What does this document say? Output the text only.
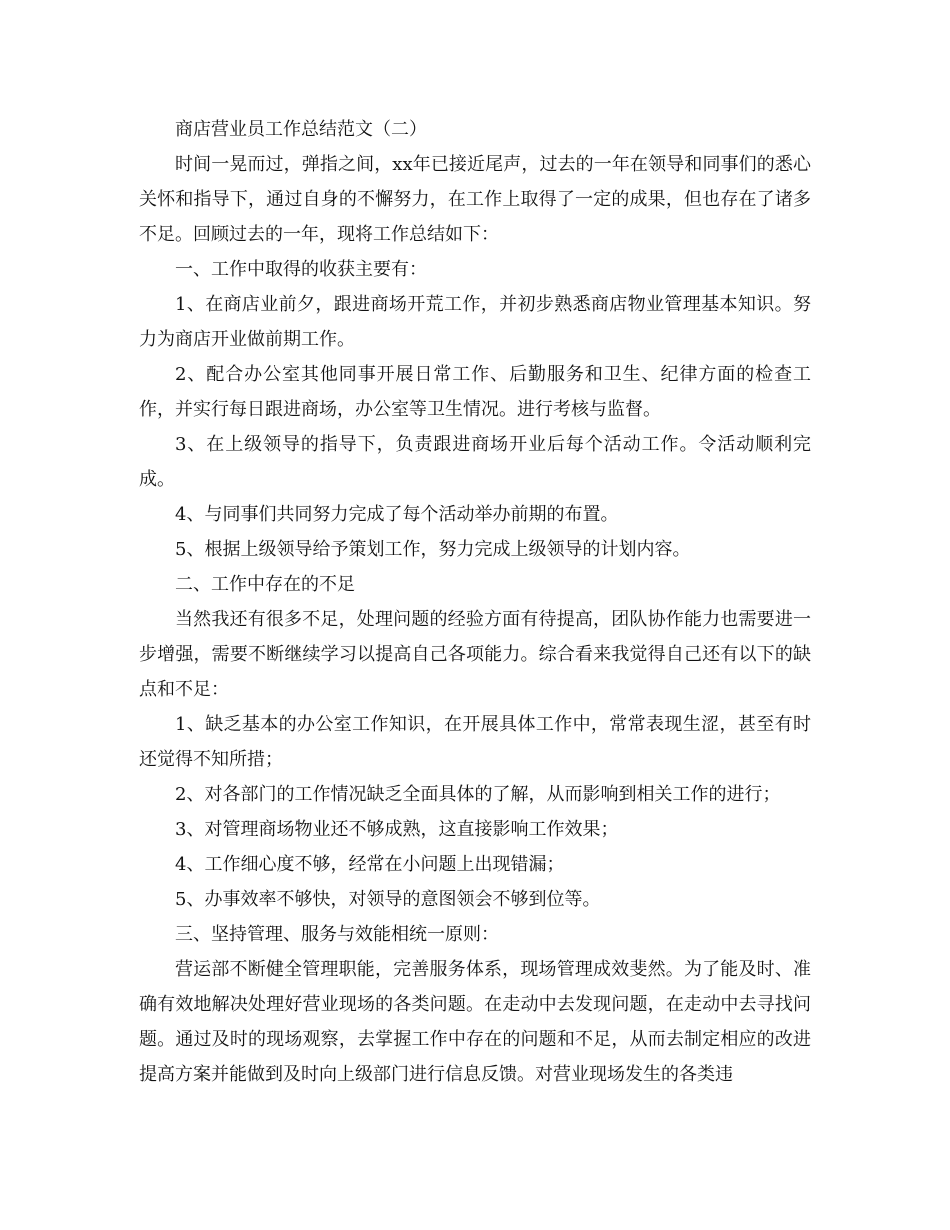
商店营业员工作总结范文（二）

时间一晃而过，弹指之间，xx年已接近尾声，过去的一年在领导和同事们的悉心关怀和指导下，通过自身的不懈努力，在工作上取得了一定的成果，但也存在了诸多不足。回顾过去的一年，现将工作总结如下：

一、工作中取得的收获主要有：

1、在商店业前夕，跟进商场开荒工作，并初步熟悉商店物业管理基本知识。努力为商店开业做前期工作。

2、配合办公室其他同事开展日常工作、后勤服务和卫生、纪律方面的检查工作，并实行每日跟进商场，办公室等卫生情况。进行考核与监督。

3、在上级领导的指导下，负责跟进商场开业后每个活动工作。令活动顺利完成。

4、与同事们共同努力完成了每个活动举办前期的布置。

5、根据上级领导给予策划工作，努力完成上级领导的计划内容。

二、工作中存在的不足

当然我还有很多不足，处理问题的经验方面有待提高，团队协作能力也需要进一步增强，需要不断继续学习以提高自己各项能力。综合看来我觉得自己还有以下的缺点和不足：

1、缺乏基本的办公室工作知识，在开展具体工作中，常常表现生涩，甚至有时还觉得不知所措；

2、对各部门的工作情况缺乏全面具体的了解，从而影响到相关工作的进行；

3、对管理商场物业还不够成熟，这直接影响工作效果；

4、工作细心度不够，经常在小问题上出现错漏；

5、办事效率不够快，对领导的意图领会不够到位等。

三、坚持管理、服务与效能相统一原则：

营运部不断健全管理职能，完善服务体系，现场管理成效斐然。为了能及时、准确有效地解决处理好营业现场的各类问题。在走动中去发现问题，在走动中去寻找问题。通过及时的现场观察，去掌握工作中存在的问题和不足，从而去制定相应的改进提高方案并能做到及时向上级部门进行信息反馈。对营业现场发生的各类违
